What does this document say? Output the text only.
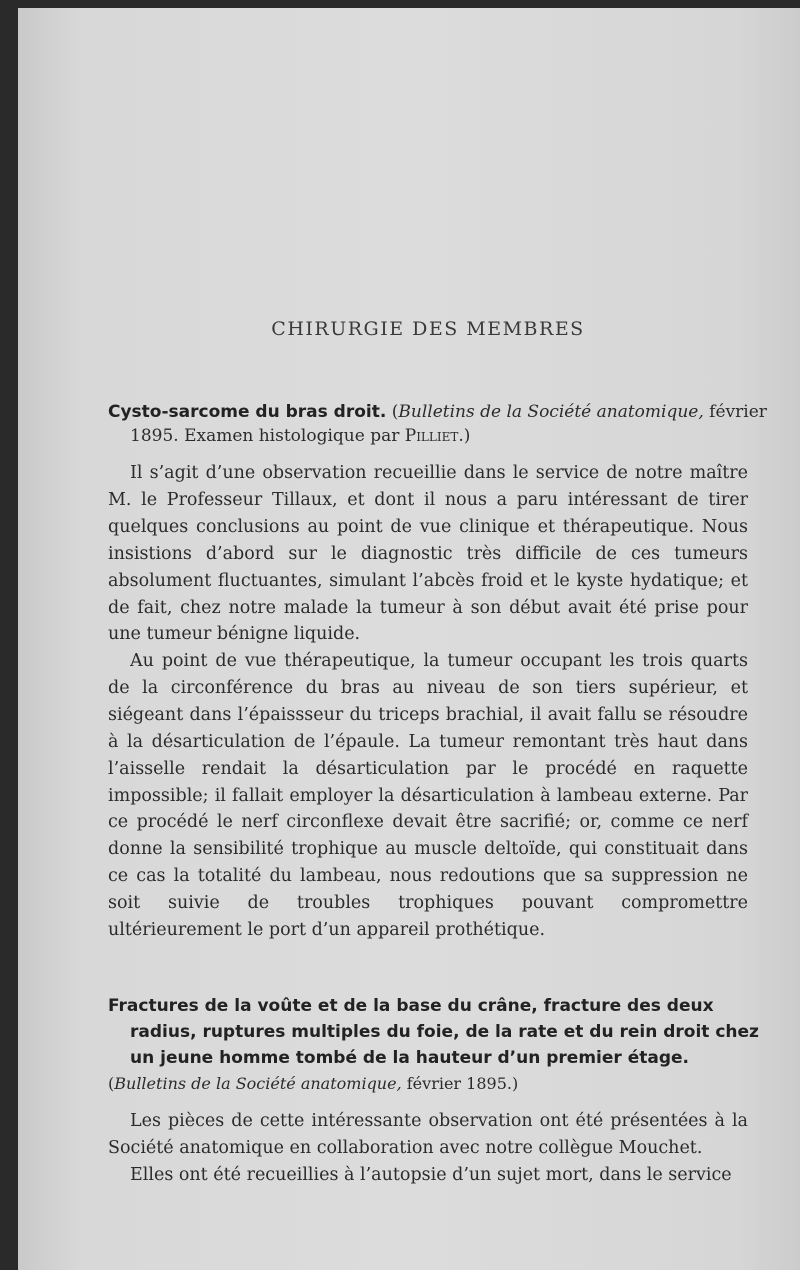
CHIRURGIE DES MEMBRES
Cysto-sarcome du bras droit. (Bulletins de la Société anatomique, février 1895. Examen histologique par Pilliet.)

Il s’agit d’une observation recueillie dans le service de notre maître M. le Professeur Tillaux, et dont il nous a paru intéressant de tirer quelques conclusions au point de vue clinique et thérapeutique. Nous insistions d’abord sur le diagnostic très difficile de ces tumeurs absolument fluctuantes, simulant l’abcès froid et le kyste hydatique; et de fait, chez notre malade la tumeur à son début avait été prise pour une tumeur bénigne liquide.

Au point de vue thérapeutique, la tumeur occupant les trois quarts de la circonférence du bras au niveau de son tiers supérieur, et siégeant dans l’épaissseur du triceps brachial, il avait fallu se résoudre à la désarticulation de l’épaule. La tumeur remontant très haut dans l’aisselle rendait la désarticulation par le procédé en raquette impossible; il fallait employer la désarticulation à lambeau externe. Par ce procédé le nerf circonflexe devait être sacrifié; or, comme ce nerf donne la sensibilité trophique au muscle deltoïde, qui constituait dans ce cas la totalité du lambeau, nous redoutions que sa suppression ne soit suivie de troubles trophiques pouvant compromettre ultérieurement le port d’un appareil prothétique.

Fractures de la voûte et de la base du crâne, fracture des deux radius, ruptures multiples du foie, de la rate et du rein droit chez un jeune homme tombé de la hauteur d’un premier étage.
(Bulletins de la Société anatomique, février 1895.)

Les pièces de cette intéressante observation ont été présentées à la Société anatomique en collaboration avec notre collègue Mouchet.

Elles ont été recueillies à l’autopsie d’un sujet mort, dans le service
